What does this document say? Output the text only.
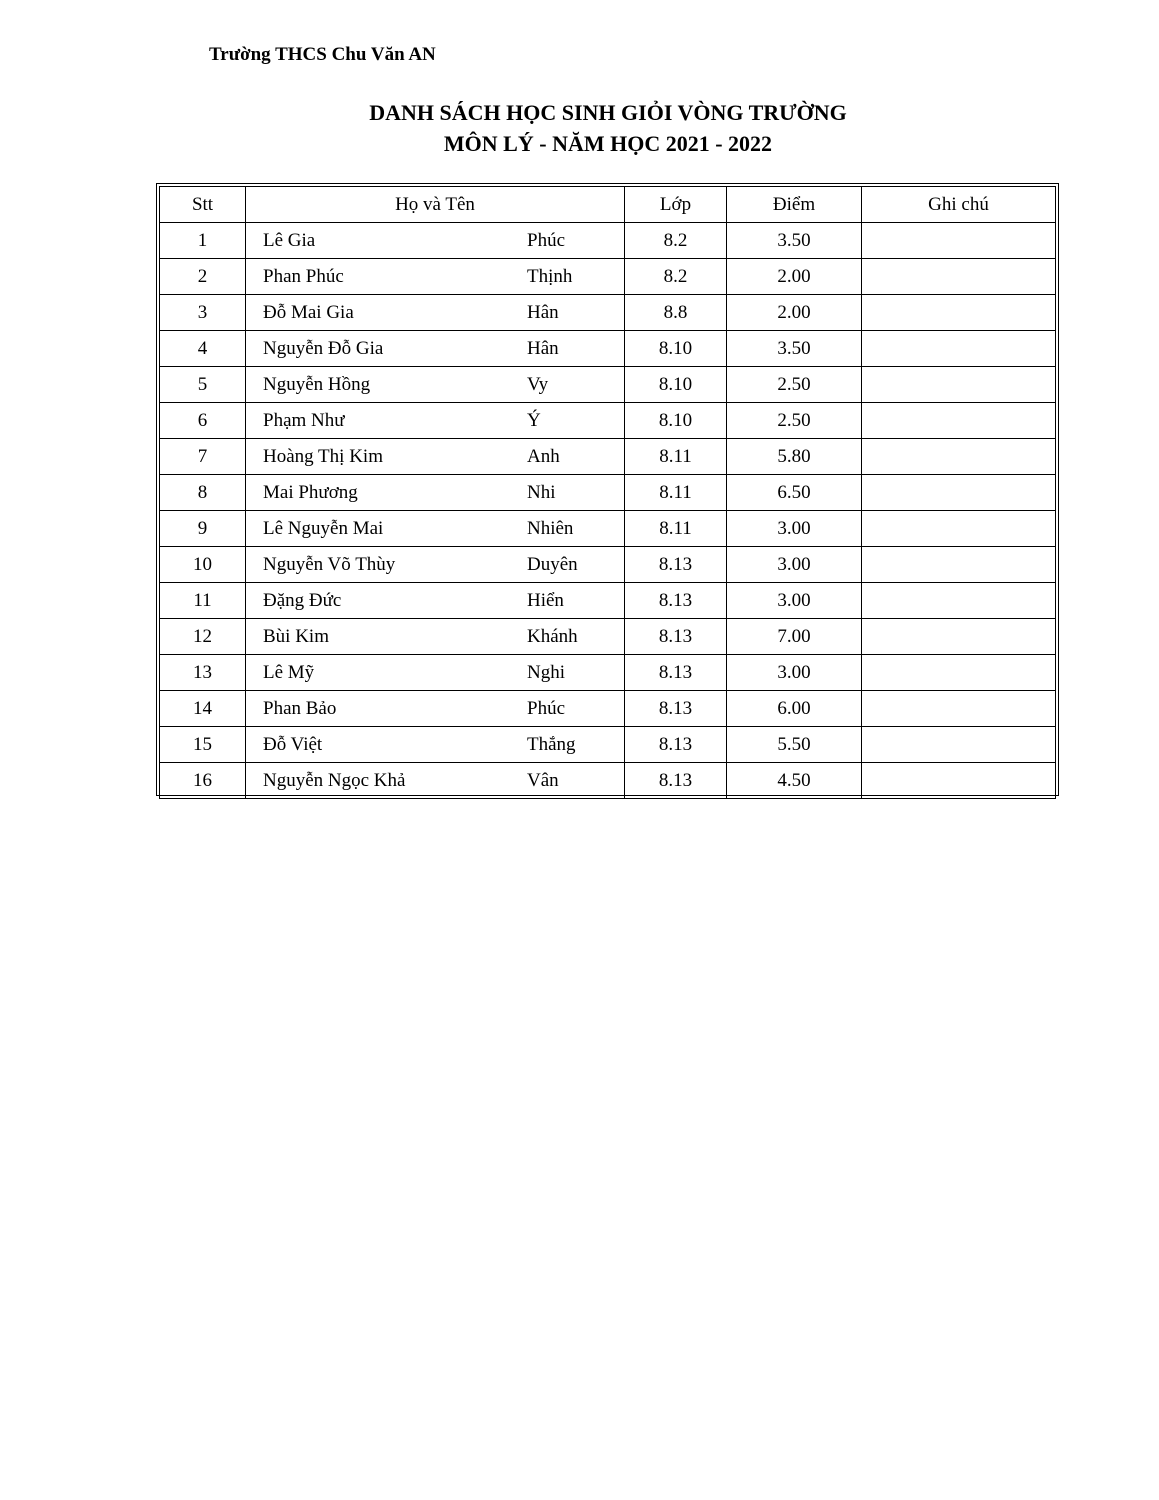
Trường THCS Chu Văn AN
DANH SÁCH HỌC SINH GIỎI VÒNG TRƯỜNG
MÔN LÝ - NĂM HỌC 2021 - 2022
Stt	Họ và Tên	Lớp	Điểm	Ghi chú
1	Lê Gia Phúc	8.2	3.50	
2	Phan Phúc Thịnh	8.2	2.00	
3	Đỗ Mai Gia Hân	8.8	2.00	
4	Nguyễn Đỗ Gia Hân	8.10	3.50	
5	Nguyễn Hồng Vy	8.10	2.50	
6	Phạm Như Ý	8.10	2.50	
7	Hoàng Thị Kim Anh	8.11	5.80	
8	Mai Phương Nhi	8.11	6.50	
9	Lê Nguyễn Mai Nhiên	8.11	3.00	
10	Nguyễn Võ Thùy Duyên	8.13	3.00	
11	Đặng Đức Hiển	8.13	3.00	
12	Bùi Kim Khánh	8.13	7.00	
13	Lê Mỹ Nghi	8.13	3.00	
14	Phan Bảo Phúc	8.13	6.00	
15	Đỗ Việt Thắng	8.13	5.50	
16	Nguyễn Ngọc Khả Vân	8.13	4.50	
